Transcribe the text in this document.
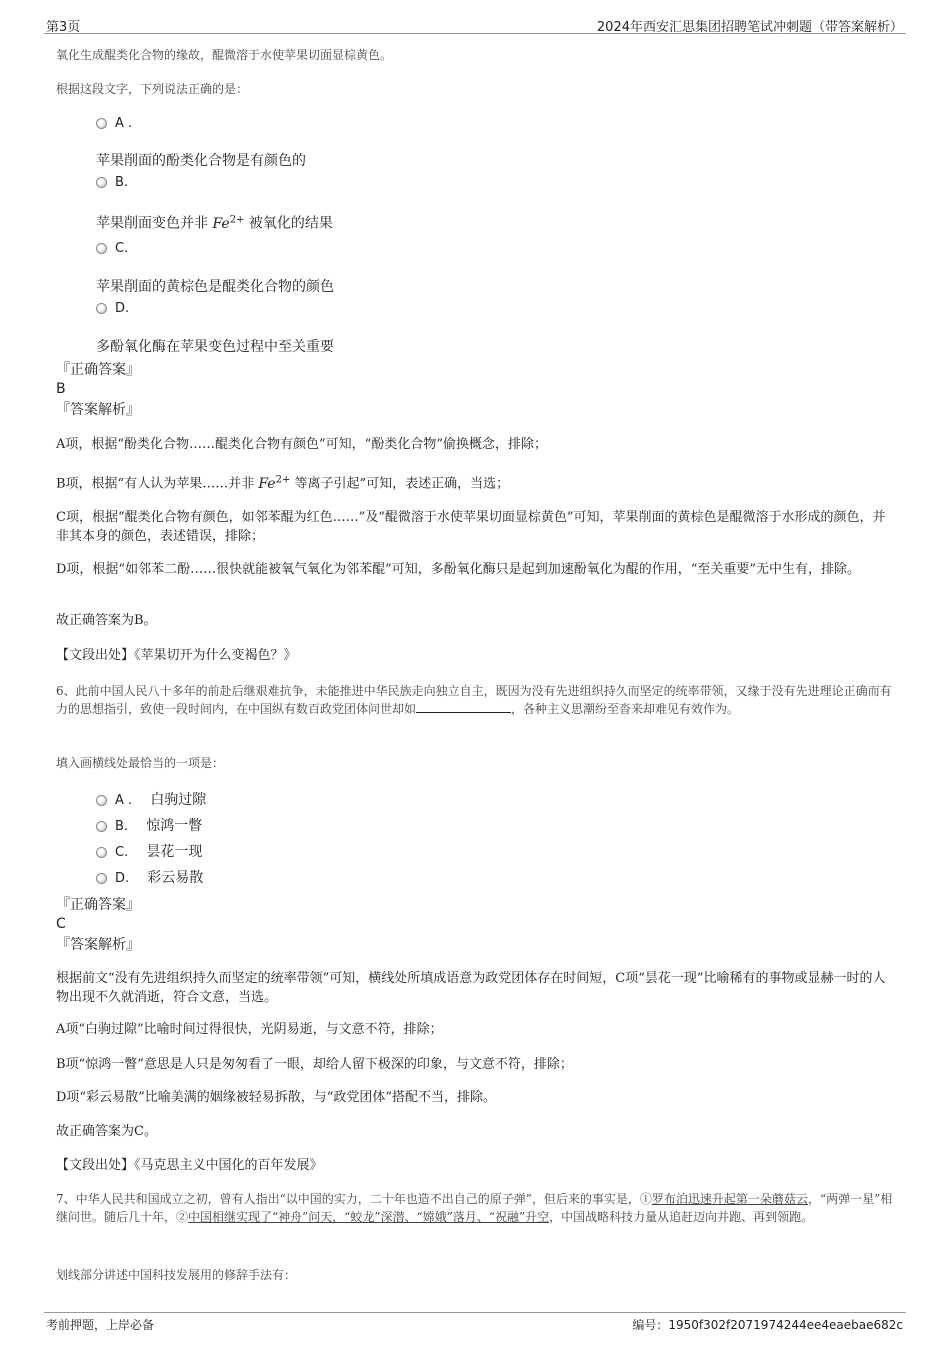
第3页	2024年西安汇思集团招聘笔试冲刺题（带答案解析）
氧化生成醌类化合物的缘故，醌微溶于水使苹果切面显棕黄色。
根据这段文字，下列说法正确的是：
A .
苹果削面的酚类化合物是有颜色的
B.
苹果削面变色并非 $Fe^{2+}$ 被氧化的结果
C.
苹果削面的黄棕色是醌类化合物的颜色
D.
多酚氧化酶在苹果变色过程中至关重要
『正确答案』
B
『答案解析』
A项，根据“酚类化合物……醌类化合物有颜色”可知，“酚类化合物”偷换概念，排除；
B项，根据“有人认为苹果……并非 $Fe^{2+}$ 等离子引起”可知，表述正确，当选；
C项，根据“醌类化合物有颜色，如邻苯醌为红色……”及“醌微溶于水使苹果切面显棕黄色”可知，苹果削面的黄棕色是醌微溶于水形成的颜色，并非其本身的颜色，表述错误，排除；
D项，根据“如邻苯二酚……很快就能被氧气氧化为邻苯醌”可知，多酚氧化酶只是起到加速酚氧化为醌的作用，“至关重要”无中生有，排除。
故正确答案为B。
【文段出处】《苹果切开为什么变褐色？》
6、此前中国人民八十多年的前赴后继艰难抗争，未能推进中华民族走向独立自主，既因为没有先进组织持久而坚定的统率带领，又缘于没有先进理论正确而有力的思想指引，致使一段时间内，在中国纵有数百政党团体问世却如	，各种主义思潮纷至沓来却难见有效作为。
填入画横线处最恰当的一项是：
A . 白驹过隙
B. 惊鸿一瞥
C. 昙花一现
D. 彩云易散
『正确答案』
C
『答案解析』
根据前文“没有先进组织持久而坚定的统率带领”可知，横线处所填成语意为政党团体存在时间短，C项“昙花一现”比喻稀有的事物或显赫一时的人物出现不久就消逝，符合文意，当选。
A项“白驹过隙”比喻时间过得很快，光阴易逝，与文意不符，排除；
B项“惊鸿一瞥”意思是人只是匆匆看了一眼，却给人留下极深的印象，与文意不符，排除；
D项“彩云易散”比喻美满的姻缘被轻易拆散，与“政党团体”搭配不当，排除。
故正确答案为C。
【文段出处】《马克思主义中国化的百年发展》
7、中华人民共和国成立之初，曾有人指出“以中国的实力，二十年也造不出自己的原子弹”，但后来的事实是，①罗布泊迅速升起第一朵蘑菇云，“两弹一星”相继问世。随后几十年，②中国相继实现了“神舟”问天，“蛟龙”深潜、“嫦娥”落月、“祝融”升空，中国战略科技力量从追赶迈向并跑、再到领跑。
划线部分讲述中国科技发展用的修辞手法有：
考前押题，上岸必备	编号：1950f302f2071974244ee4eaebae682c
